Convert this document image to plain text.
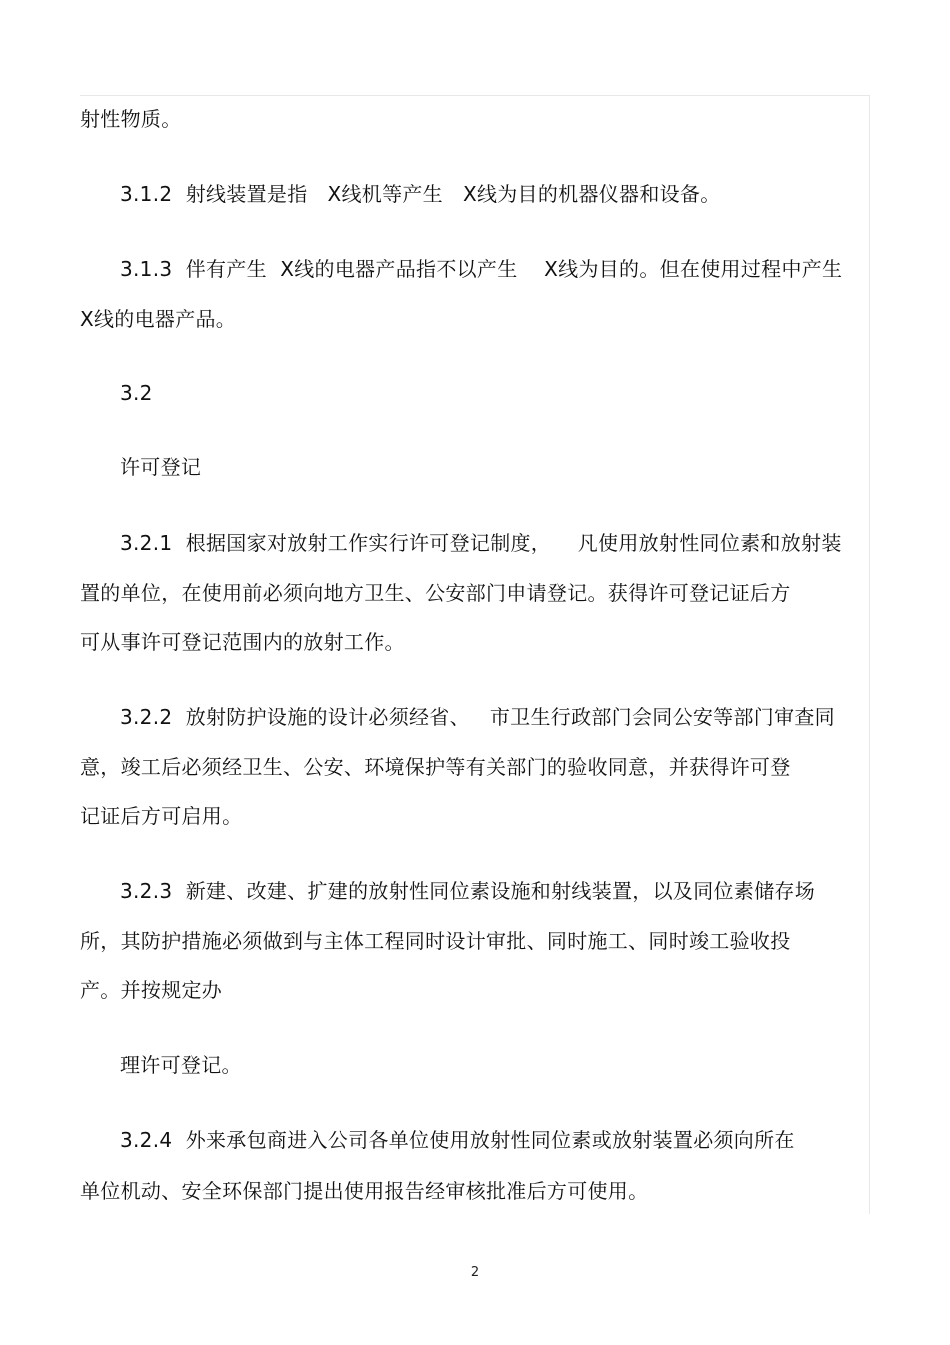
射性物质。
3.1.2  射线装置是指   X线机等产生   X线为目的机器仪器和设备。
3.1.3  伴有产生  X线的电器产品指不以产生    X线为目的。但在使用过程中产生
X线的电器产品。
3.2
许可登记
3.2.1  根据国家对放射工作实行许可登记制度，    凡使用放射性同位素和放射装
置的单位，在使用前必须向地方卫生、公安部门申请登记。获得许可登记证后方
可从事许可登记范围内的放射工作。
3.2.2  放射防护设施的设计必须经省、   市卫生行政部门会同公安等部门审查同
意，竣工后必须经卫生、公安、环境保护等有关部门的验收同意，并获得许可登
记证后方可启用。
3.2.3  新建、改建、扩建的放射性同位素设施和射线装置，以及同位素储存场
所，其防护措施必须做到与主体工程同时设计审批、同时施工、同时竣工验收投
产。并按规定办
理许可登记。
3.2.4  外来承包商进入公司各单位使用放射性同位素或放射装置必须向所在
单位机动、安全环保部门提出使用报告经审核批准后方可使用。
2
